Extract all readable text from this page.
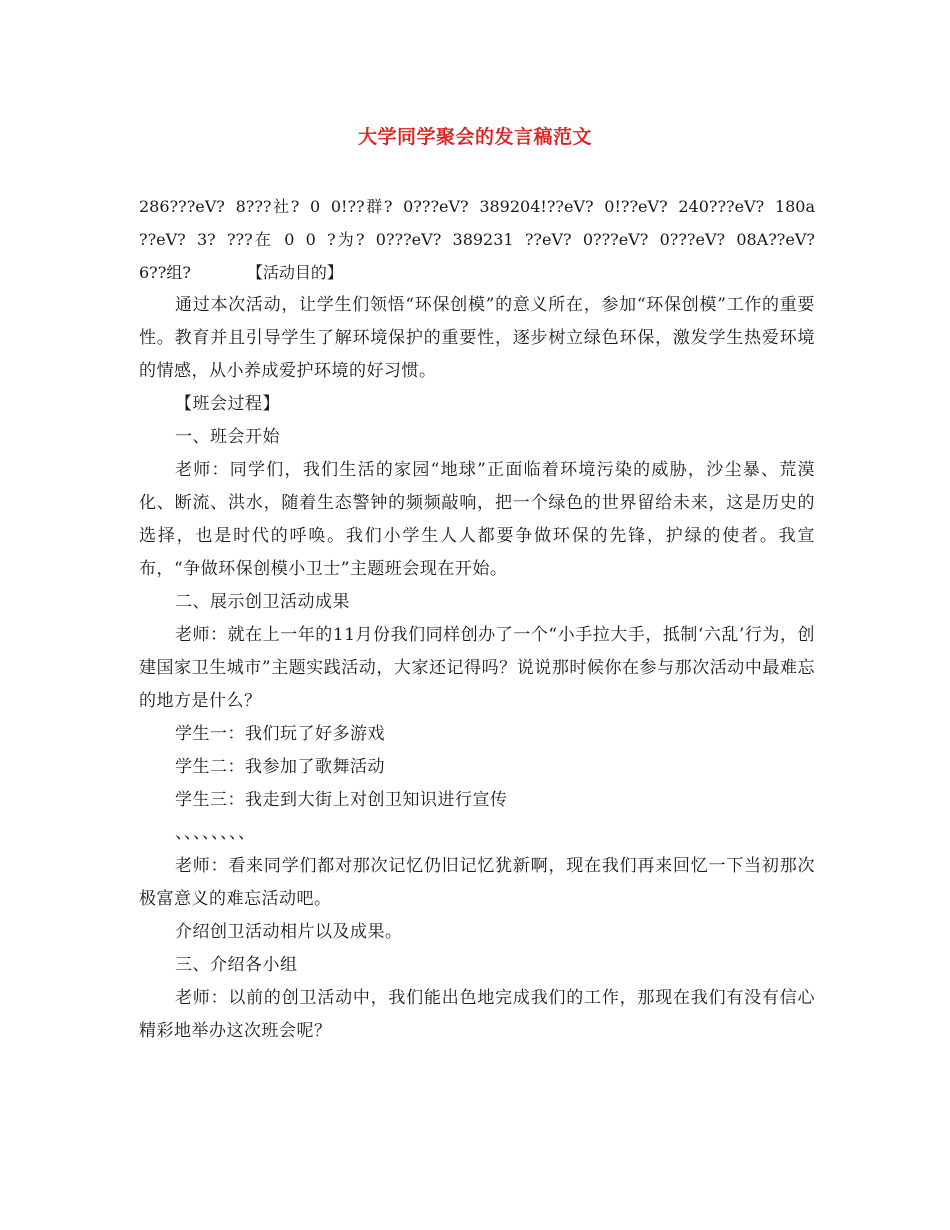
大学同学聚会的发言稿范文

286???eV? 8???社? 0 0!??群? 0???eV? 389204!??eV? 0!??eV? 240???eV? 180a ??eV? 3? ???在 0 0 ?为? 0???eV? 389231 ??eV? 0???eV? 0???eV? 08A??eV? 6??组?	【活动目的】

通过本次活动，让学生们领悟“环保创模”的意义所在，参加“环保创模”工作的重要性。教育并且引导学生了解环境保护的重要性，逐步树立绿色环保，激发学生热爱环境的情感，从小养成爱护环境的好习惯。

【班会过程】

一、班会开始

老师：同学们，我们生活的家园“地球”正面临着环境污染的威胁，沙尘暴、荒漠化、断流、洪水，随着生态警钟的频频敲响，把一个绿色的世界留给未来，这是历史的选择，也是时代的呼唤。我们小学生人人都要争做环保的先锋，护绿的使者。我宣布，“争做环保创模小卫士”主题班会现在开始。

二、展示创卫活动成果

老师：就在上一年的11月份我们同样创办了一个“小手拉大手，抵制‘六乱’行为，创建国家卫生城市”主题实践活动，大家还记得吗？说说那时候你在参与那次活动中最难忘的地方是什么？

学生一：我们玩了好多游戏

学生二：我参加了歌舞活动

学生三：我走到大街上对创卫知识进行宣传

、、、、、、、、

老师：看来同学们都对那次记忆仍旧记忆犹新啊，现在我们再来回忆一下当初那次极富意义的难忘活动吧。

介绍创卫活动相片以及成果。

三、介绍各小组

老师：以前的创卫活动中，我们能出色地完成我们的工作，那现在我们有没有信心精彩地举办这次班会呢？
